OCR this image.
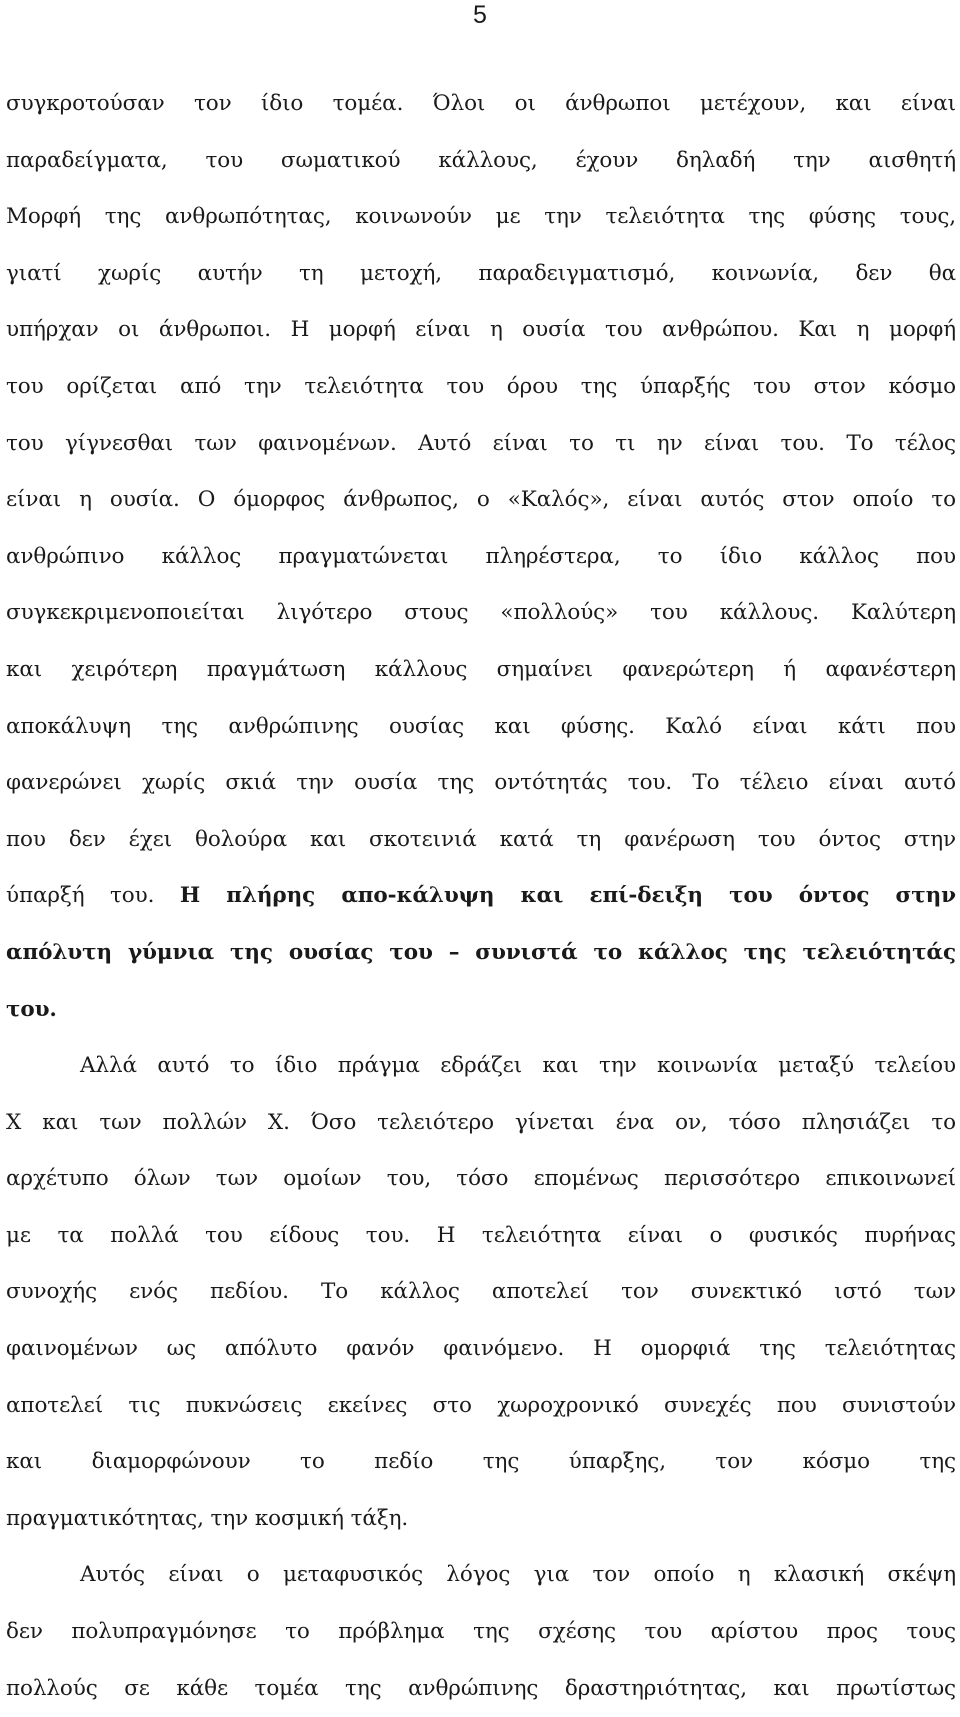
5
συγκροτούσαν τον ίδιο τομέα. Όλοι οι άνθρωποι μετέχουν, και είναι
παραδείγματα, του σωματικού κάλλους, έχουν δηλαδή την αισθητή
Μορφή της ανθρωπότητας, κοινωνούν με την τελειότητα της φύσης τους,
γιατί χωρίς αυτήν τη μετοχή, παραδειγματισμό, κοινωνία, δεν θα
υπήρχαν οι άνθρωποι. Η μορφή είναι η ουσία του ανθρώπου. Και η μορφή
του ορίζεται από την τελειότητα του όρου της ύπαρξής του στον κόσμο
του γίγνεσθαι των φαινομένων. Αυτό είναι το τι ην είναι του. Το τέλος
είναι η ουσία. Ο όμορφος άνθρωπος, ο «Καλός», είναι αυτός στον οποίο το
ανθρώπινο κάλλος πραγματώνεται πληρέστερα, το ίδιο κάλλος που
συγκεκριμενοποιείται λιγότερο στους «πολλούς» του κάλλους. Καλύτερη
και χειρότερη πραγμάτωση κάλλους σημαίνει φανερώτερη ή αφανέστερη
αποκάλυψη της ανθρώπινης ουσίας και φύσης. Καλό είναι κάτι που
φανερώνει χωρίς σκιά την ουσία της οντότητάς του. Το τέλειο είναι αυτό
που δεν έχει θολούρα και σκοτεινιά κατά τη φανέρωση του όντος στην
ύπαρξή του. Η πλήρης απο-κάλυψη και επί-δειξη του όντος στην
απόλυτη γύμνια της ουσίας του – συνιστά το κάλλος της τελειότητάς
του.
Αλλά αυτό το ίδιο πράγμα εδράζει και την κοινωνία μεταξύ τελείου
Χ και των πολλών Χ. Όσο τελειότερο γίνεται ένα ον, τόσο πλησιάζει το
αρχέτυπο όλων των ομοίων του, τόσο επομένως περισσότερο επικοινωνεί
με τα πολλά του είδους του. Η τελειότητα είναι ο φυσικός πυρήνας
συνοχής ενός πεδίου. Το κάλλος αποτελεί τον συνεκτικό ιστό των
φαινομένων ως απόλυτο φανόν φαινόμενο. Η ομορφιά της τελειότητας
αποτελεί τις πυκνώσεις εκείνες στο χωροχρονικό συνεχές που συνιστούν
και διαμορφώνουν το πεδίο της ύπαρξης, τον κόσμο της
πραγματικότητας, την κοσμική τάξη.
Αυτός είναι ο μεταφυσικός λόγος για τον οποίο η κλασική σκέψη
δεν πολυπραγμόνησε το πρόβλημα της σχέσης του αρίστου προς τους
πολλούς σε κάθε τομέα της ανθρώπινης δραστηριότητας, και πρωτίστως
